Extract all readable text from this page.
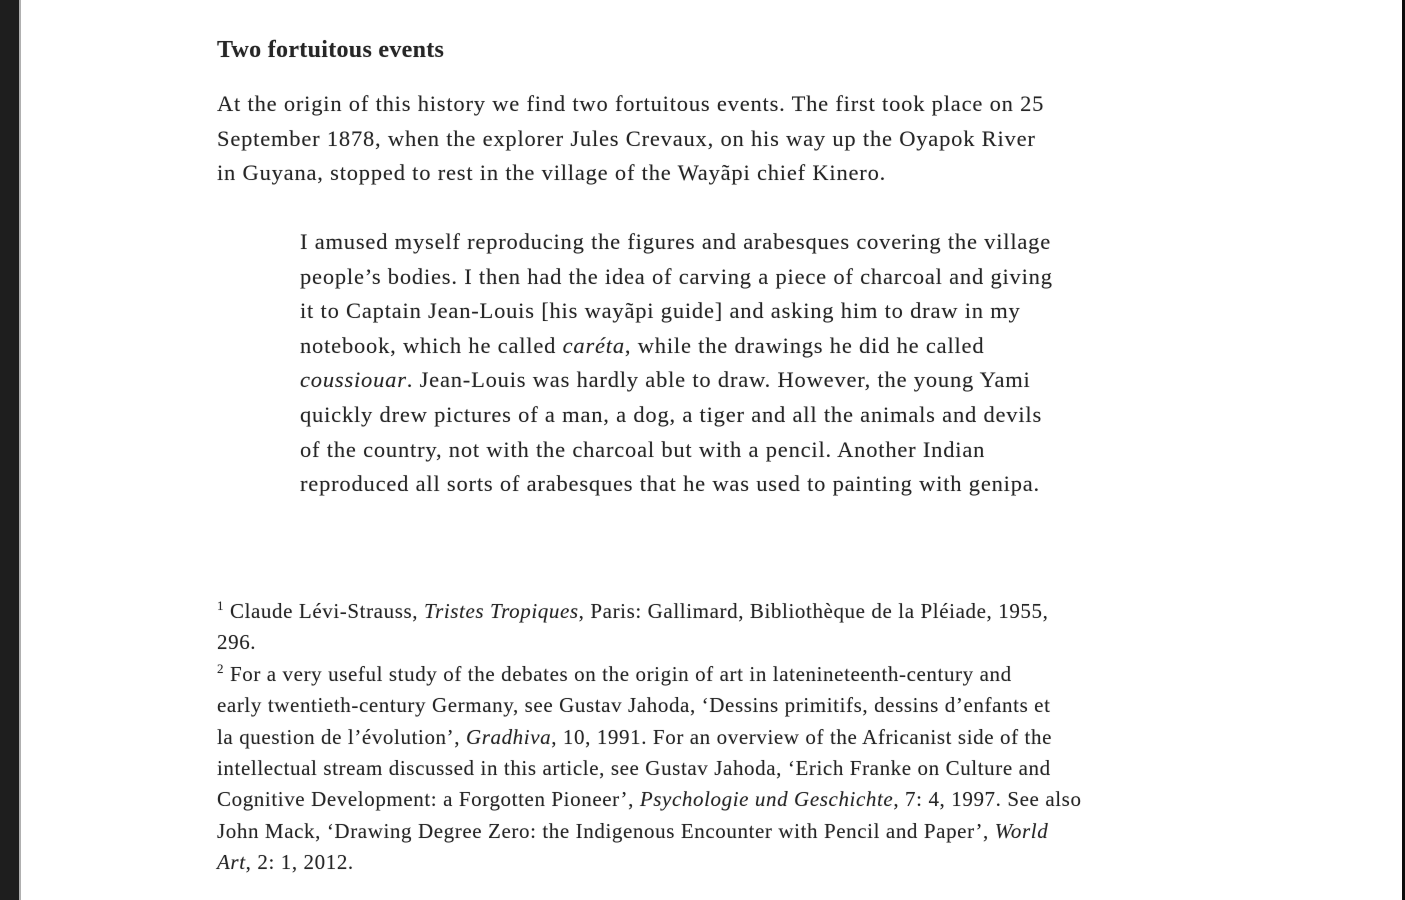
Two fortuitous events
At the origin of this history we find two fortuitous events. The first took place on 25
September 1878, when the explorer Jules Crevaux, on his way up the Oyapok River
in Guyana, stopped to rest in the village of the Wayãpi chief Kinero.
I amused myself reproducing the figures and arabesques covering the village
people’s bodies. I then had the idea of carving a piece of charcoal and giving
it to Captain Jean-Louis [his wayãpi guide] and asking him to draw in my
notebook, which he called caréta, while the drawings he did he called
coussiouar. Jean-Louis was hardly able to draw. However, the young Yami
quickly drew pictures of a man, a dog, a tiger and all the animals and devils
of the country, not with the charcoal but with a pencil. Another Indian
reproduced all sorts of arabesques that he was used to painting with genipa.
$^1$ Claude Lévi-Strauss, Tristes Tropiques, Paris: Gallimard, Bibliothèque de la Pléiade, 1955,
296.
$^2$ For a very useful study of the debates on the origin of art in latenineteenth-century and
early twentieth-century Germany, see Gustav Jahoda, ‘Dessins primitifs, dessins d’enfants et
la question de l’évolution’, Gradhiva, 10, 1991. For an overview of the Africanist side of the
intellectual stream discussed in this article, see Gustav Jahoda, ‘Erich Franke on Culture and
Cognitive Development: a Forgotten Pioneer’, Psychologie und Geschichte, 7: 4, 1997. See also
John Mack, ‘Drawing Degree Zero: the Indigenous Encounter with Pencil and Paper’, World
Art, 2: 1, 2012.
